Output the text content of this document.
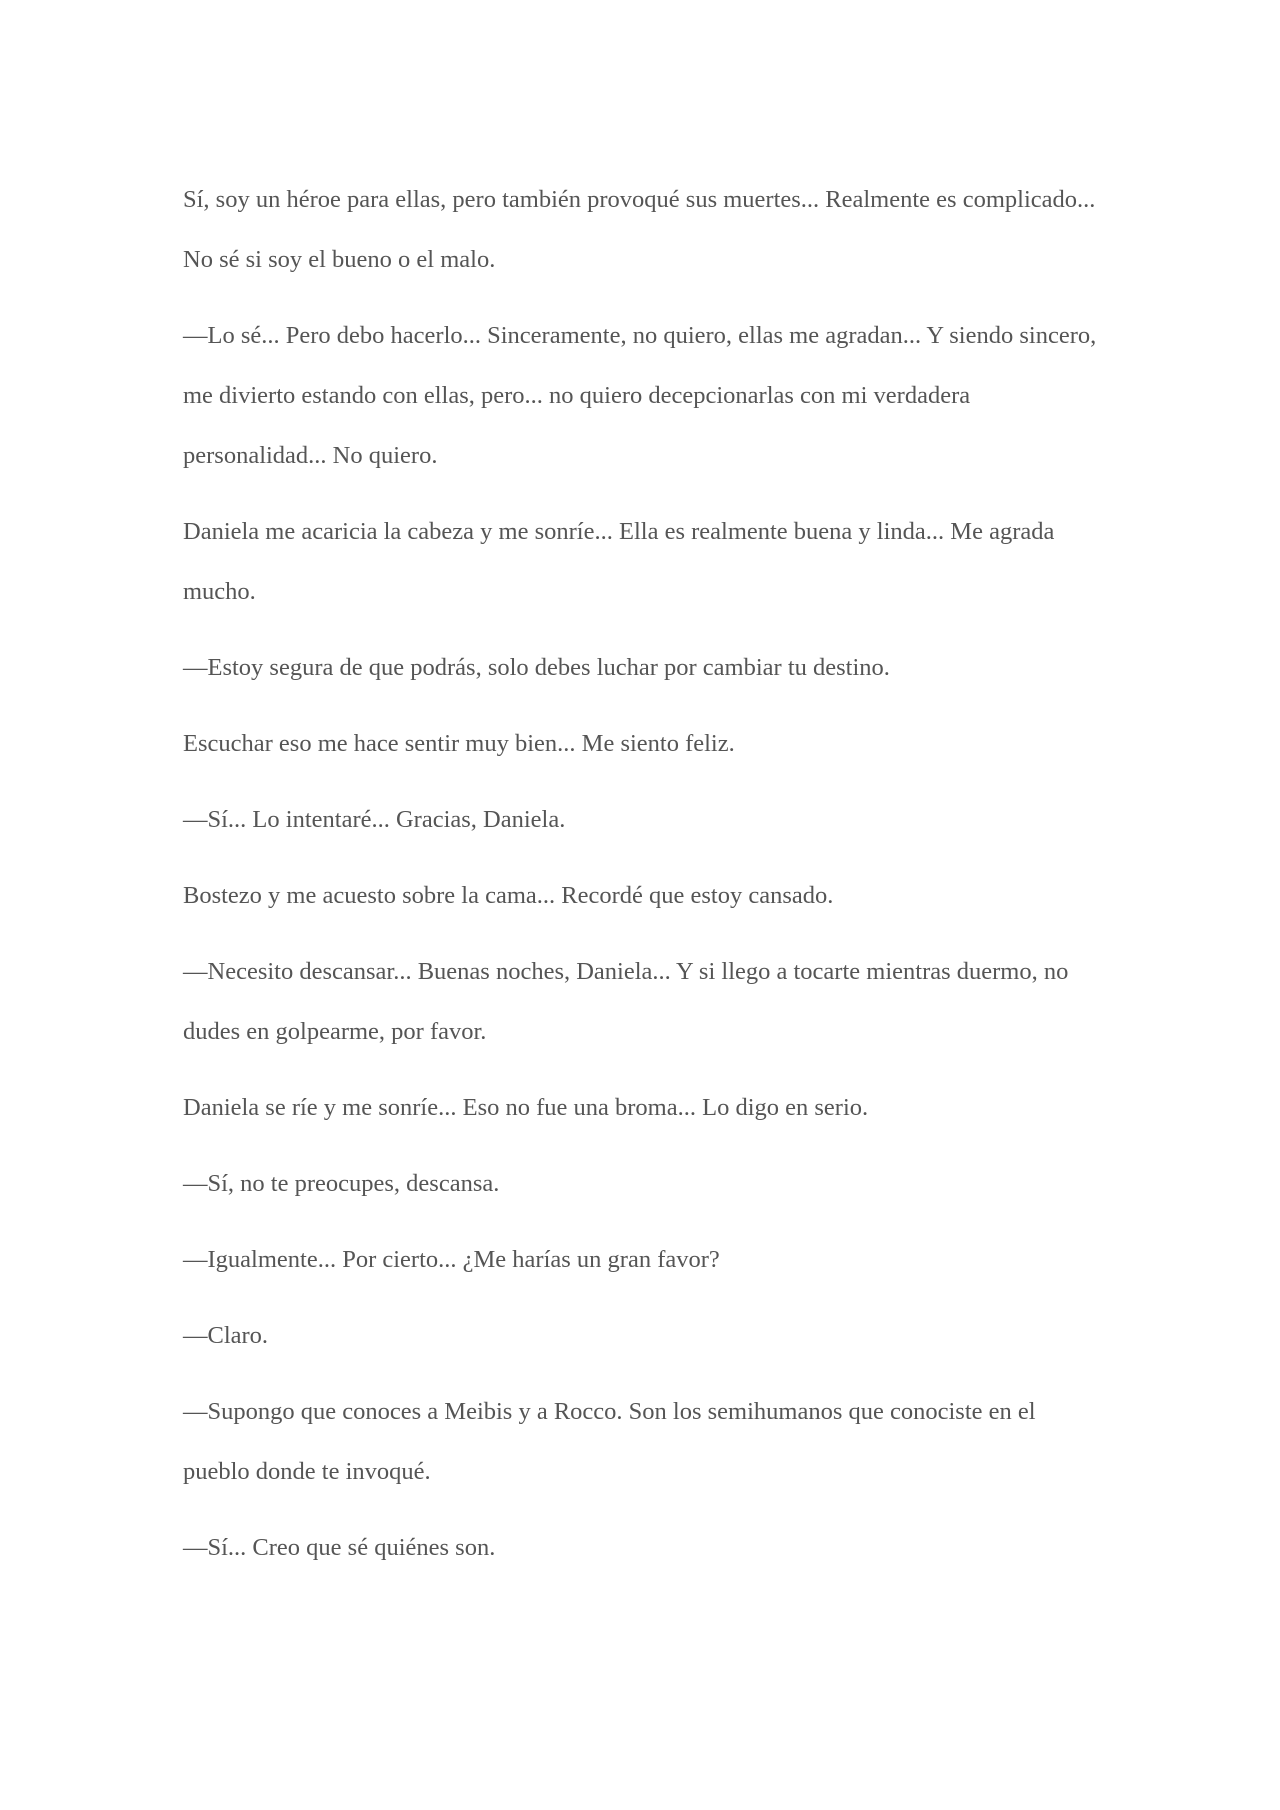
Sí, soy un héroe para ellas, pero también provoqué sus muertes... Realmente es complicado... No sé si soy el bueno o el malo.

—Lo sé... Pero debo hacerlo... Sinceramente, no quiero, ellas me agradan... Y siendo sincero, me divierto estando con ellas, pero... no quiero decepcionarlas con mi verdadera personalidad... No quiero.

Daniela me acaricia la cabeza y me sonríe... Ella es realmente buena y linda... Me agrada mucho.

—Estoy segura de que podrás, solo debes luchar por cambiar tu destino.

Escuchar eso me hace sentir muy bien... Me siento feliz.

—Sí... Lo intentaré... Gracias, Daniela.

Bostezo y me acuesto sobre la cama... Recordé que estoy cansado.

—Necesito descansar... Buenas noches, Daniela... Y si llego a tocarte mientras duermo, no dudes en golpearme, por favor.

Daniela se ríe y me sonríe... Eso no fue una broma... Lo digo en serio.

—Sí, no te preocupes, descansa.

—Igualmente... Por cierto... ¿Me harías un gran favor?

—Claro.

—Supongo que conoces a Meibis y a Rocco. Son los semihumanos que conociste en el pueblo donde te invoqué.

—Sí... Creo que sé quiénes son.
